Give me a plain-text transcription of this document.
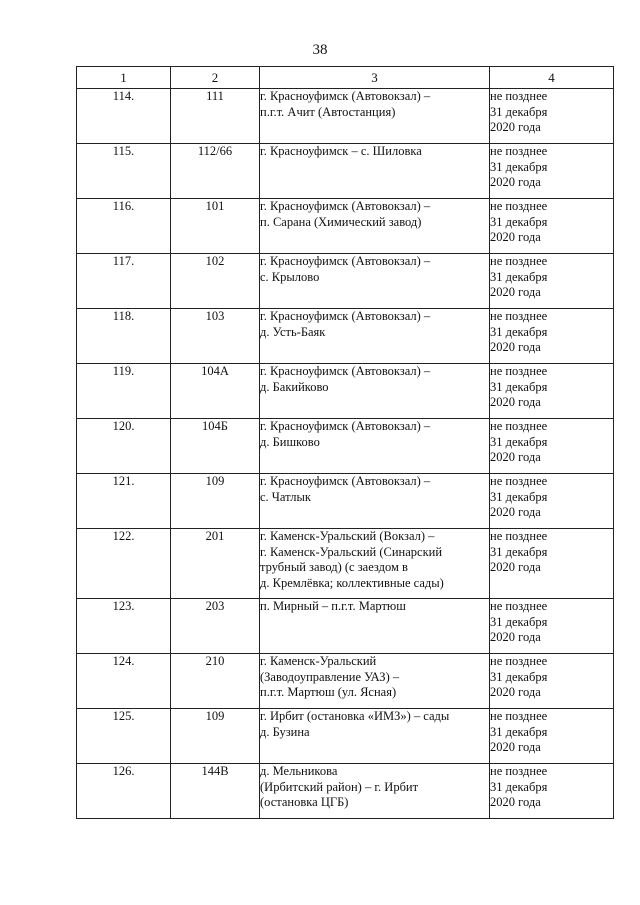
38
1	2	3	4
114.	111	г. Красноуфимск (Автовокзал) –
п.г.т. Ачит (Автостанция)	не позднее
31 декабря
2020 года

115.	112/66	г. Красноуфимск – с. Шиловка	не позднее
31 декабря
2020 года

116.	101	г. Красноуфимск (Автовокзал) –
п. Сарана (Химический завод)	не позднее
31 декабря
2020 года

117.	102	г. Красноуфимск (Автовокзал) –
с. Крылово	не позднее
31 декабря
2020 года

118.	103	г. Красноуфимск (Автовокзал) –
д. Усть-Баяк	не позднее
31 декабря
2020 года

119.	104А	г. Красноуфимск (Автовокзал) –
д. Бакийково	не позднее
31 декабря
2020 года

120.	104Б	г. Красноуфимск (Автовокзал) –
д. Бишково	не позднее
31 декабря
2020 года

121.	109	г. Красноуфимск (Автовокзал) –
с. Чатлык	не позднее
31 декабря
2020 года

122.	201	г. Каменск-Уральский (Вокзал) –
г. Каменск-Уральский (Синарский
трубный завод) (с заездом в
д. Кремлёвка; коллективные сады)	не позднее
31 декабря
2020 года

123.	203	п. Мирный – п.г.т. Мартюш	не позднее
31 декабря
2020 года

124.	210	г. Каменск-Уральский
(Заводоуправление УАЗ) –
п.г.т. Мартюш (ул. Ясная)	не позднее
31 декабря
2020 года

125.	109	г. Ирбит (остановка «ИМЗ») – сады
д. Бузина	не позднее
31 декабря
2020 года

126.	144В	д. Мельникова
(Ирбитский район) – г. Ирбит
(остановка ЦГБ)	не позднее
31 декабря
2020 года
